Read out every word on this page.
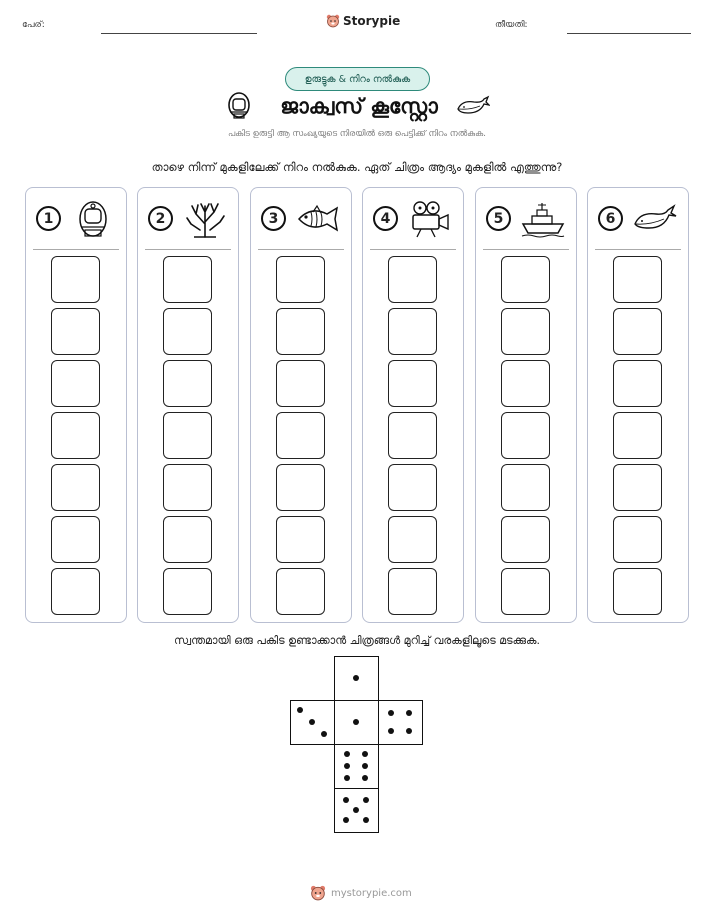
പേര്:	തീയതി:
Storypie
ഉരുട്ടുക & നിറം നൽകുക
ജാക്വസ് കൂസ്റ്റോ
പകിട ഉരുട്ടി ആ സംഖ്യയുടെ നിരയിൽ ഒരു പെട്ടിക്ക് നിറം നൽകുക.
താഴെ നിന്ന് മുകളിലേക്ക് നിറം നൽകുക. ഏത് ചിത്രം ആദ്യം മുകളിൽ എത്തുന്നു?
1	2	3	4	5	6
സ്വന്തമായി ഒരു പകിട ഉണ്ടാക്കാൻ ചിത്രങ്ങൾ മുറിച്ച് വരകളിലൂടെ മടക്കുക.
mystorypie.com
